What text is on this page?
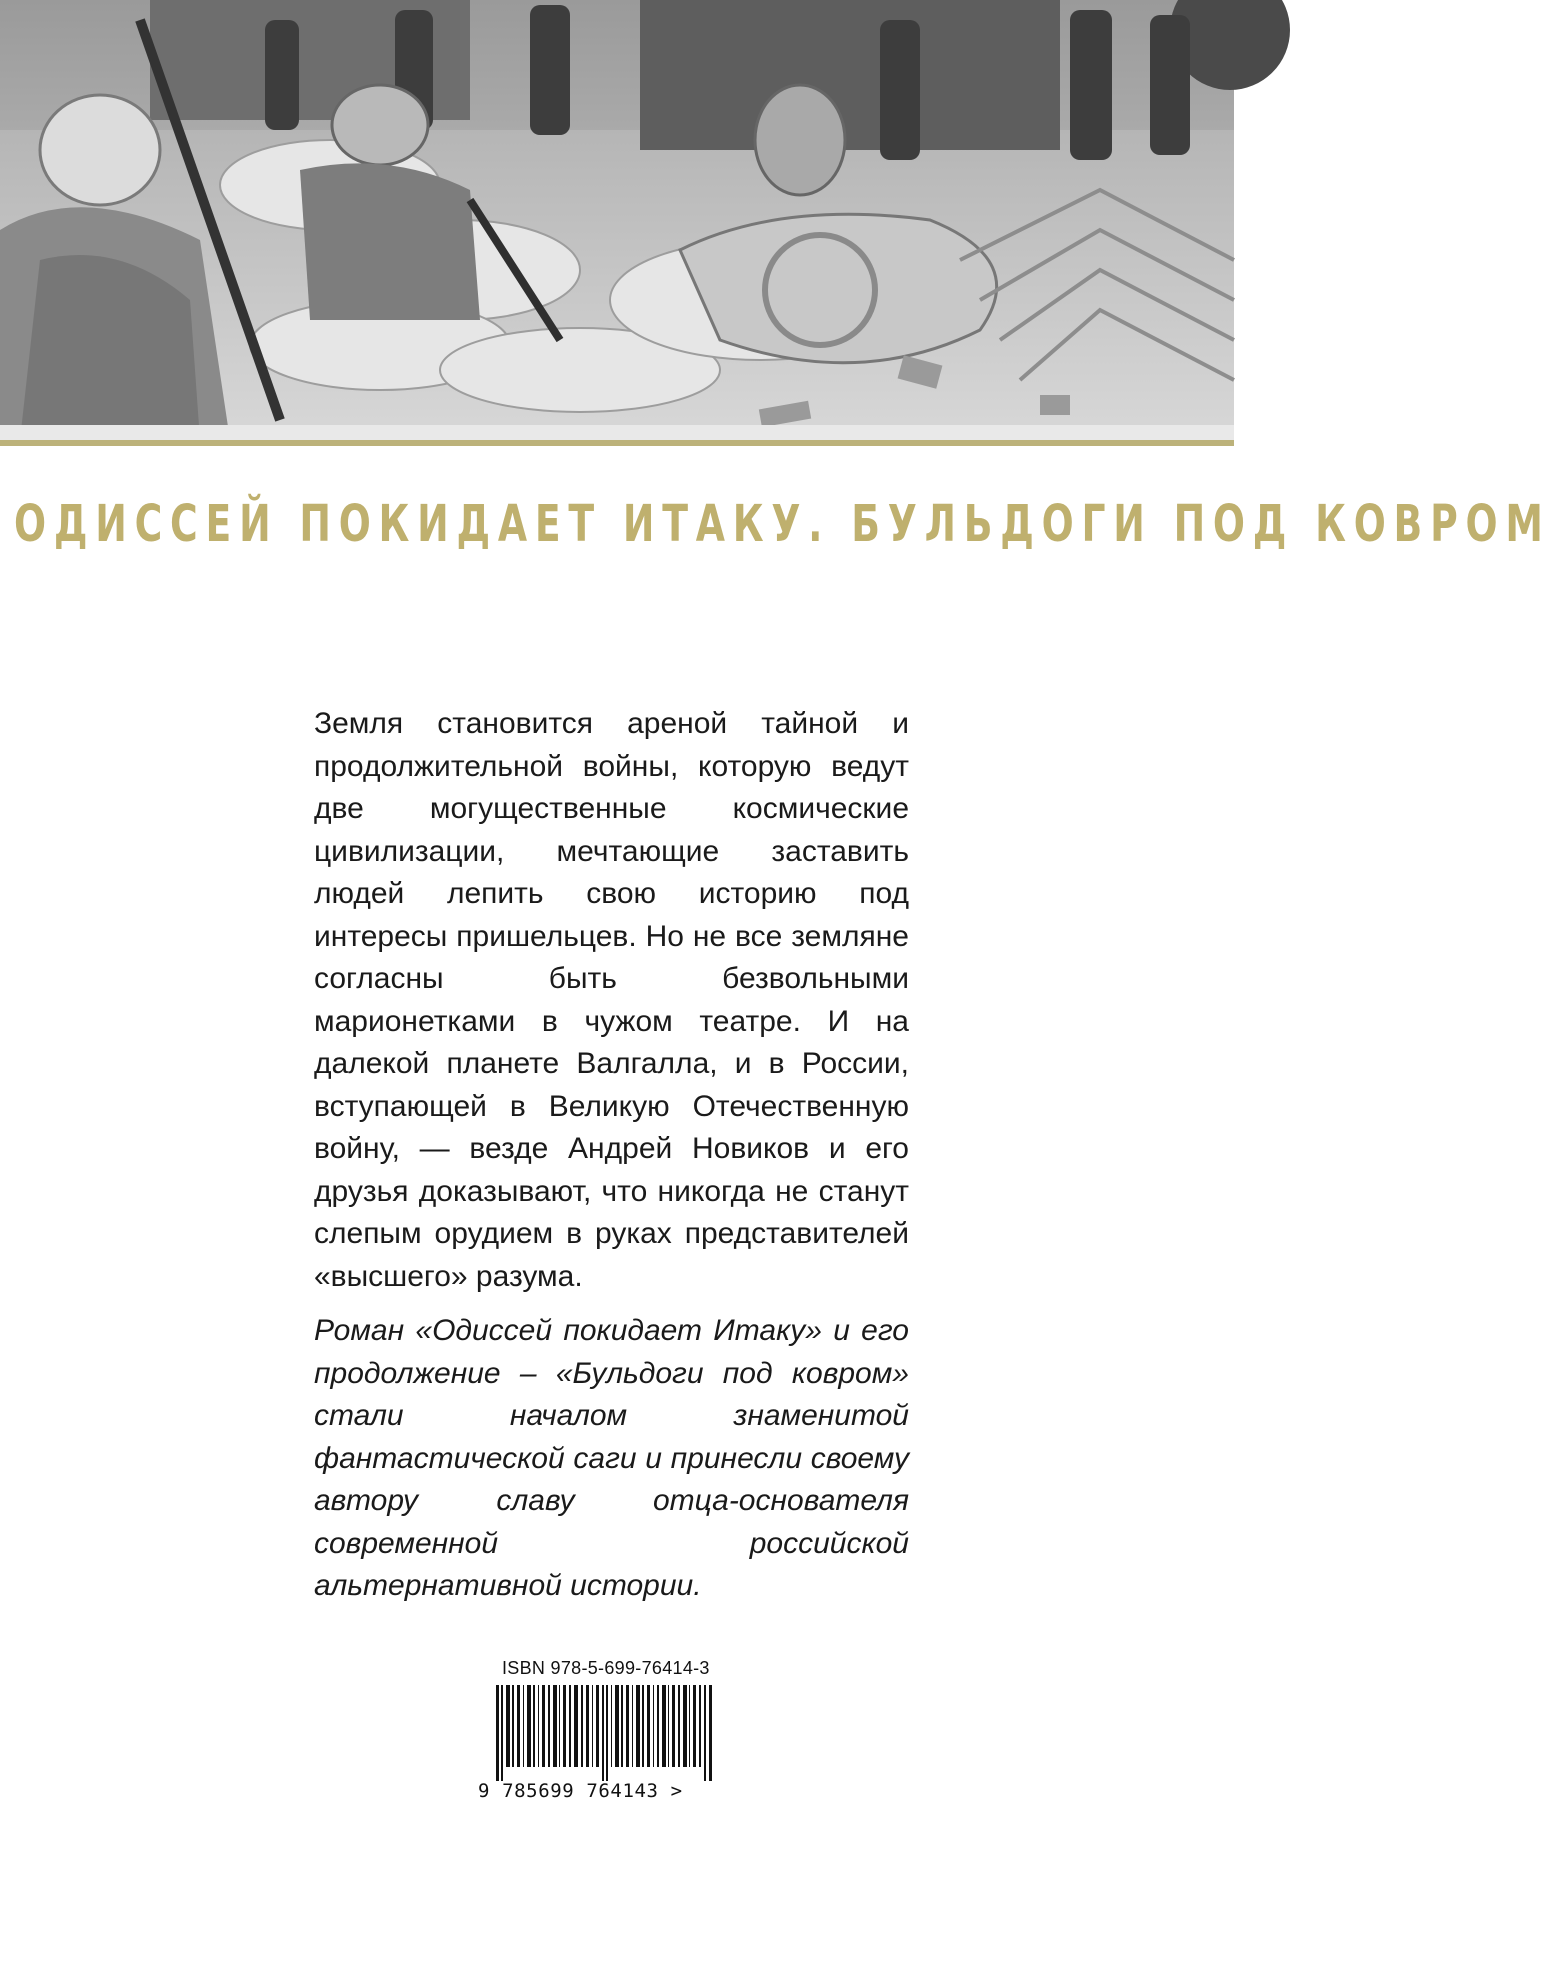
ОДИССЕЙ ПОКИДАЕТ ИТАКУ. БУЛЬДОГИ ПОД КОВРОМ

Земля становится ареной тайной и продолжительной войны, которую ведут две могущественные космические цивилизации, мечтающие заставить людей лепить свою историю под интересы пришельцев. Но не все земляне согласны быть безвольными марионетками в чужом театре. И на далекой планете Валгалла, и в России, вступающей в Великую Отечественную войну, — везде Андрей Новиков и его друзья доказывают, что никогда не станут слепым орудием в руках представителей «высшего» разума.

Роман «Одиссей покидает Итаку» и его продолжение – «Бульдоги под ковром» стали началом знаменитой фантастической саги и принесли своему автору славу отца-основателя современной российской альтернативной истории.

ISBN 978-5-699-76414-3
9 785699 764143 >
